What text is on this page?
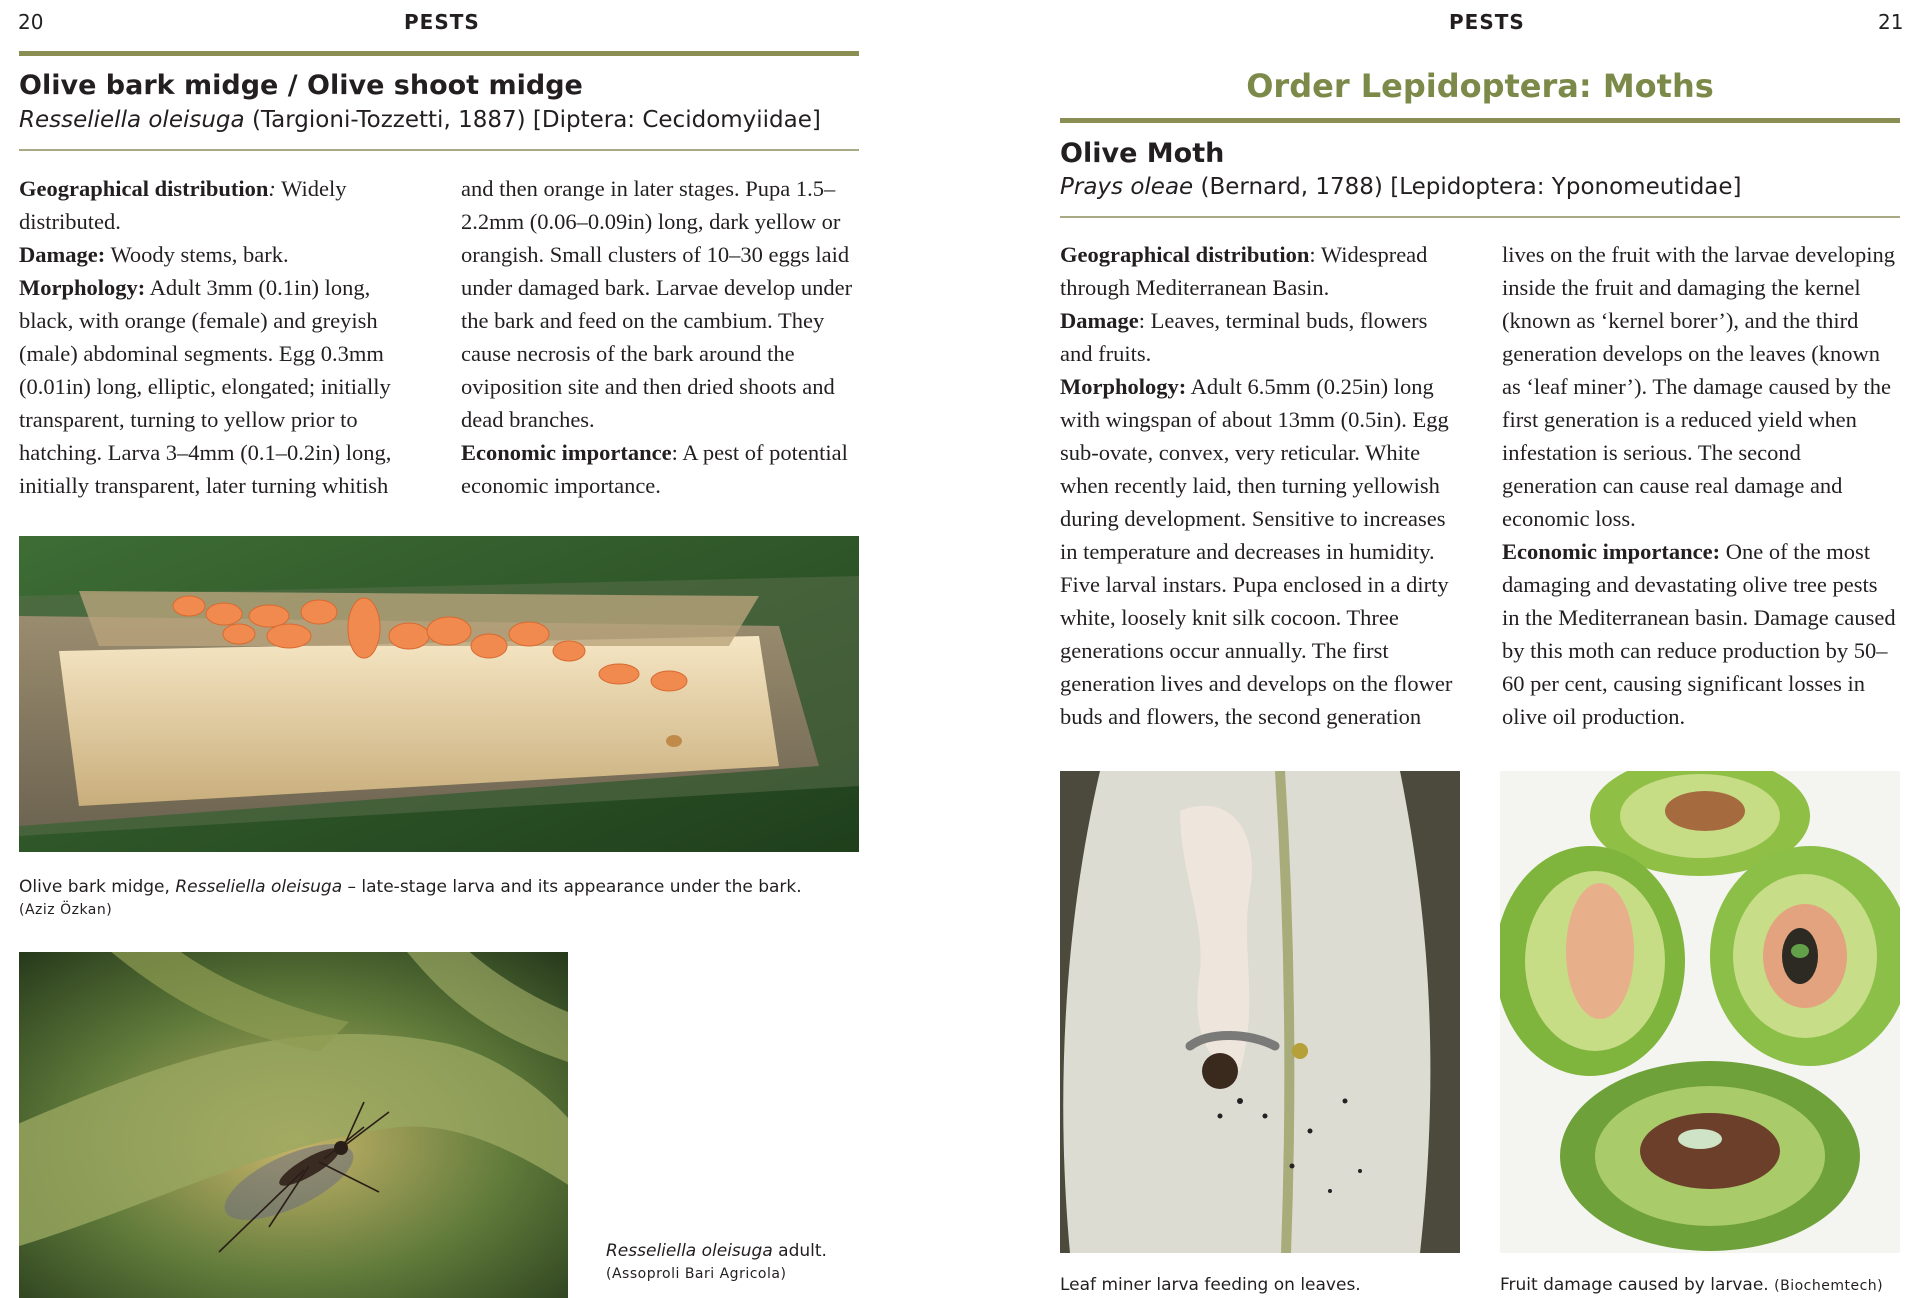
20	PESTS
Olive bark midge / Olive shoot midge
Resseliella oleisuga (Targioni-Tozzetti, 1887) [Diptera: Cecidomyiidae]

Geographical distribution: Widely distributed.
Damage: Woody stems, bark.
Morphology: Adult 3mm (0.1in) long, black, with orange (female) and greyish (male) abdominal segments. Egg 0.3mm (0.01in) long, elliptic, elongated; initially transparent, turning to yellow prior to hatching. Larva 3–4mm (0.1–0.2in) long, initially transparent, later turning whitish and then orange in later stages. Pupa 1.5–2.2mm (0.06–0.09in) long, dark yellow or orangish. Small clusters of 10–30 eggs laid under damaged bark. Larvae develop under the bark and feed on the cambium. They cause necrosis of the bark around the oviposition site and then dried shoots and dead branches.
Economic importance: A pest of potential economic importance.

Olive bark midge, Resseliella oleisuga – late-stage larva and its appearance under the bark.
(Aziz Özkan)
Resseliella oleisuga adult.
(Assoproli Bari Agricola)
PESTS	21
Order Lepidoptera: Moths
Olive Moth
Prays oleae (Bernard, 1788) [Lepidoptera: Yponomeutidae]

Geographical distribution: Widespread through Mediterranean Basin.
Damage: Leaves, terminal buds, flowers and fruits.
Morphology: Adult 6.5mm (0.25in) long with wingspan of about 13mm (0.5in). Egg sub-ovate, convex, very reticular. White when recently laid, then turning yellowish during development. Sensitive to increases in temperature and decreases in humidity. Five larval instars. Pupa enclosed in a dirty white, loosely knit silk cocoon. Three generations occur annually. The first generation lives and develops on the flower buds and flowers, the second generation lives on the fruit with the larvae developing inside the fruit and damaging the kernel (known as ‘kernel borer’), and the third generation develops on the leaves (known as ‘leaf miner’). The damage caused by the first generation is a reduced yield when infestation is serious. The second generation can cause real damage and economic loss.
Economic importance: One of the most damaging and devastating olive tree pests in the Mediterranean basin. Damage caused by this moth can reduce production by 50–60 per cent, causing significant losses in olive oil production.

Leaf miner larva feeding on leaves.	Fruit damage caused by larvae. (Biochemtech)
